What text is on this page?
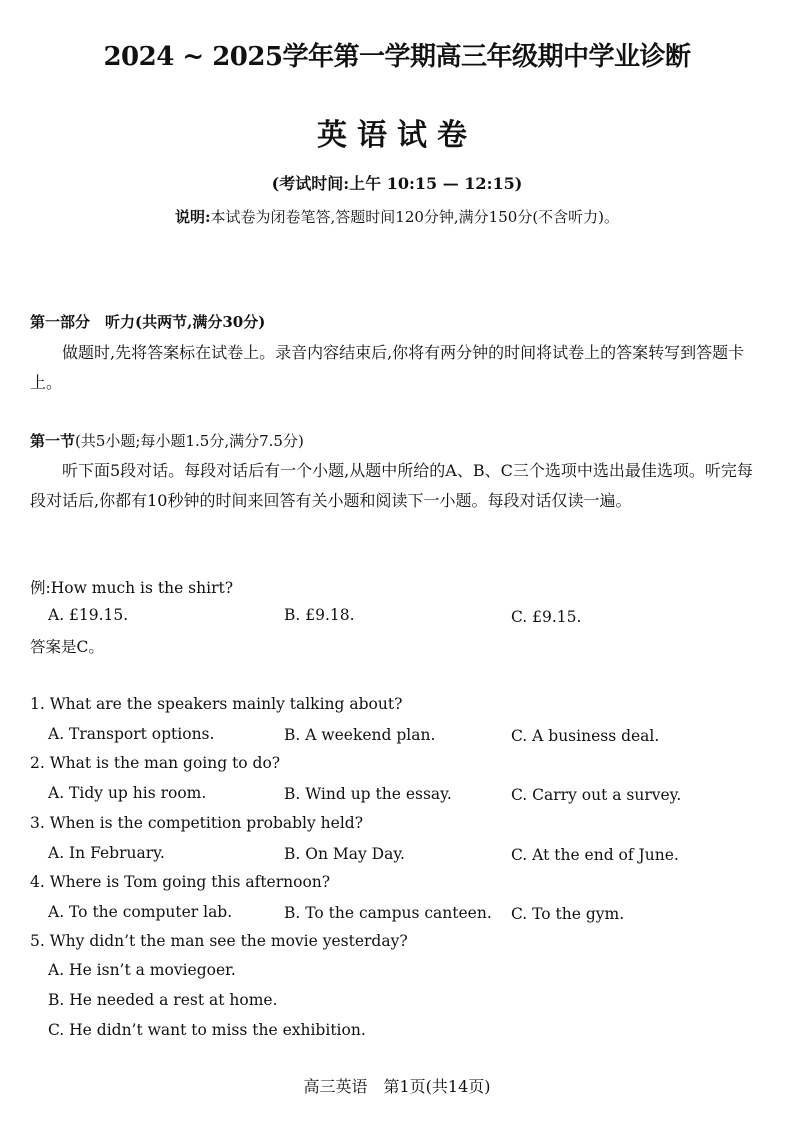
2024 ~ 2025学年第一学期高三年级期中学业诊断
英语试卷
(考试时间:上午 10:15 — 12:15)
说明:本试卷为闭卷笔答,答题时间120分钟,满分150分(不含听力)。
第一部分　听力(共两节,满分30分)
做题时,先将答案标在试卷上。录音内容结束后,你将有两分钟的时间将试卷上的答案转写到答题卡上。
第一节(共5小题;每小题1.5分,满分7.5分)
听下面5段对话。每段对话后有一个小题,从题中所给的A、B、C三个选项中选出最佳选项。听完每段对话后,你都有10秒钟的时间来回答有关小题和阅读下一小题。每段对话仅读一遍。
例:How much is the shirt?
A. £19.15.	B. £9.18.	C. £9.15.
答案是C。
1. What are the speakers mainly talking about?
A. Transport options.	B. A weekend plan.	C. A business deal.
2. What is the man going to do?
A. Tidy up his room.	B. Wind up the essay.	C. Carry out a survey.
3. When is the competition probably held?
A. In February.	B. On May Day.	C. At the end of June.
4. Where is Tom going this afternoon?
A. To the computer lab.	B. To the campus canteen. C. To the gym.
5. Why didn’t the man see the movie yesterday?
A. He isn’t a moviegoer.
B. He needed a rest at home.
C. He didn’t want to miss the exhibition.
高三英语　第1页(共14页)
